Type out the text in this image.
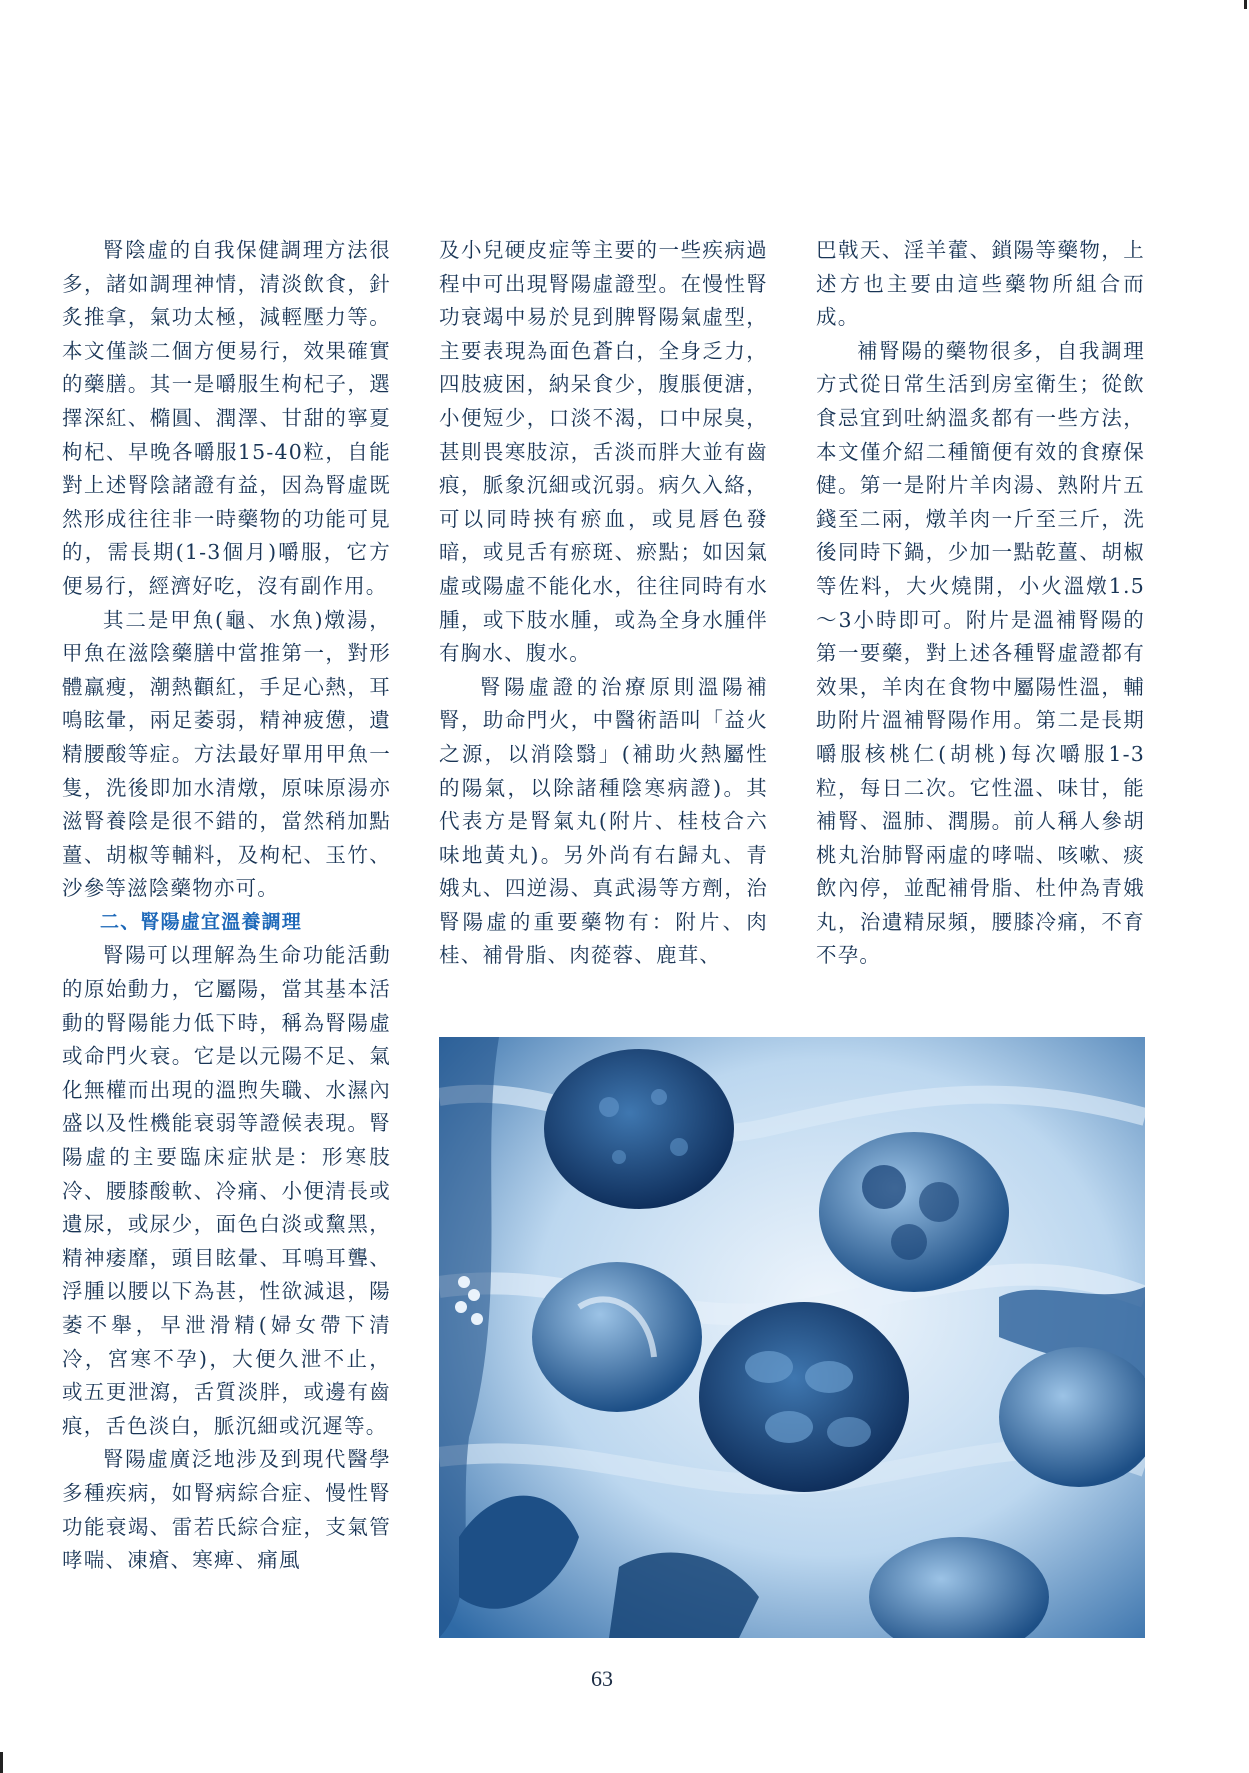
腎陰虛的自我保健調理方法很多，諸如調理神情，清淡飲食，針炙推拿，氣功太極，減輕壓力等。本文僅談二個方便易行，效果確實的藥膳。其一是嚼服生枸杞子，選擇深紅、橢圓、潤澤、甘甜的寧夏枸杞、早晚各嚼服15-40粒，自能對上述腎陰諸證有益，因為腎虛既然形成往往非一時藥物的功能可見的，需長期(1-3個月)嚼服，它方便易行，經濟好吃，沒有副作用。

其二是甲魚(龜、水魚)燉湯，甲魚在滋陰藥膳中當推第一，對形體羸瘦，潮熱顴紅，手足心熱，耳鳴眩暈，兩足萎弱，精神疲憊，遺精腰酸等症。方法最好單用甲魚一隻，洗後即加水清燉，原味原湯亦滋腎養陰是很不錯的，當然稍加點薑、胡椒等輔料，及枸杞、玉竹、沙參等滋陰藥物亦可。

二、腎陽虛宜溫養調理

腎陽可以理解為生命功能活動的原始動力，它屬陽，當其基本活動的腎陽能力低下時，稱為腎陽虛或命門火衰。它是以元陽不足、氣化無權而出現的溫煦失職、水濕內盛以及性機能衰弱等證候表現。腎陽虛的主要臨床症狀是：形寒肢冷、腰膝酸軟、冷痛、小便清長或遺尿，或尿少，面色白淡或黧黑，精神痿靡，頭目眩暈、耳鳴耳聾、浮腫以腰以下為甚，性欲減退，陽萎不舉，早泄滑精(婦女帶下清冷，宮寒不孕)，大便久泄不止，或五更泄瀉，舌質淡胖，或邊有齒痕，舌色淡白，脈沉細或沉遲等。

腎陽虛廣泛地涉及到現代醫學多種疾病，如腎病綜合症、慢性腎功能衰竭、雷若氏綜合症，支氣管哮喘、凍瘡、寒痺、痛風

及小兒硬皮症等主要的一些疾病過程中可出現腎陽虛證型。在慢性腎功衰竭中易於見到脾腎陽氣虛型，主要表現為面色蒼白，全身乏力，四肢疲困，納呆食少，腹脹便溏，小便短少，口淡不渴，口中尿臭，甚則畏寒肢涼，舌淡而胖大並有齒痕，脈象沉細或沉弱。病久入絡，可以同時挾有瘀血，或見唇色發暗，或見舌有瘀斑、瘀點；如因氣虛或陽虛不能化水，往往同時有水腫，或下肢水腫，或為全身水腫伴有胸水、腹水。

腎陽虛證的治療原則溫陽補腎，助命門火，中醫術語叫「益火之源，以消陰翳」(補助火熱屬性的陽氣，以除諸種陰寒病證)。其代表方是腎氣丸(附片、桂枝合六味地黃丸)。另外尚有右歸丸、青娥丸、四逆湯、真武湯等方劑，治腎陽虛的重要藥物有：附片、肉桂、補骨脂、肉蓯蓉、鹿茸、

巴戟天、淫羊藿、鎖陽等藥物，上述方也主要由這些藥物所組合而成。

補腎陽的藥物很多，自我調理方式從日常生活到房室衛生；從飲食忌宜到吐納溫炙都有一些方法，本文僅介紹二種簡便有效的食療保健。第一是附片羊肉湯、熟附片五錢至二兩，燉羊肉一斤至三斤，洗後同時下鍋，少加一點乾薑、胡椒等佐料，大火燒開，小火溫燉1.5～3小時即可。附片是溫補腎陽的第一要藥，對上述各種腎虛證都有效果，羊肉在食物中屬陽性溫，輔助附片溫補腎陽作用。第二是長期嚼服核桃仁(胡桃)每次嚼服1-3粒，每日二次。它性溫、味甘，能補腎、溫肺、潤腸。前人稱人參胡桃丸治肺腎兩虛的哮喘、咳嗽、痰飲內停，並配補骨脂、杜仲為青娥丸，治遺精尿頻，腰膝冷痛，不育不孕。

63
